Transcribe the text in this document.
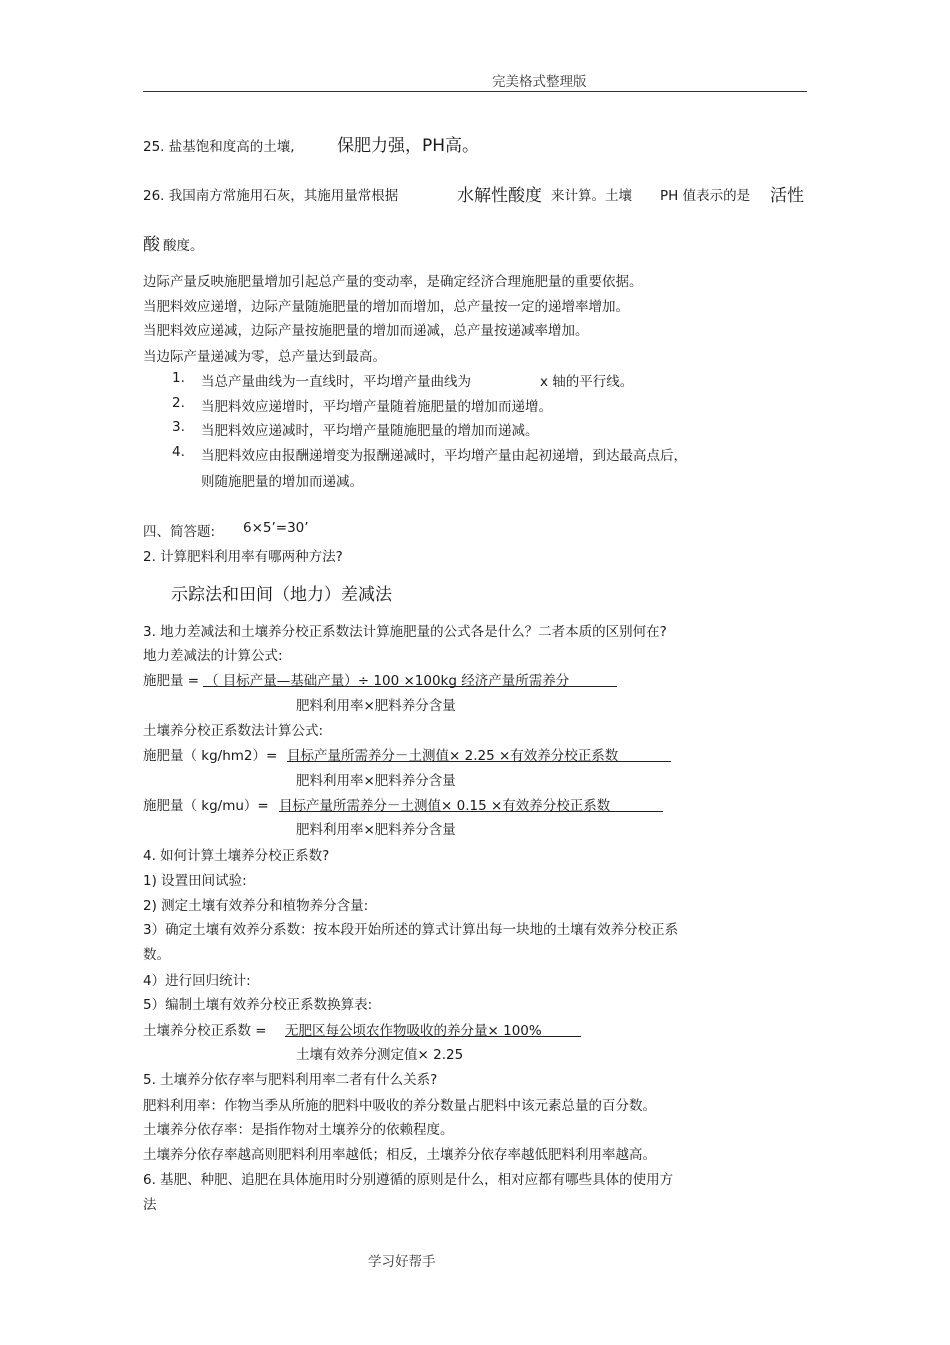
完美格式整理版
25. 盐基饱和度高的土壤, 保肥力强，PH高。
26. 我国南方常施用石灰，其施用量常根据	水解性酸度 来计算。土壤 PH 值表示的是 活性
酸 酸度。
边际产量反映施肥量增加引起总产量的变动率，是确定经济合理施肥量的重要依据。
当肥料效应递增，边际产量随施肥量的增加而增加，总产量按一定的递增率增加。
当肥料效应递减，边际产量按施肥量的增加而递减，总产量按递减率增加。
当边际产量递减为零，总产量达到最高。
1. 当总产量曲线为一直线时，平均增产量曲线为	x 轴的平行线。
2. 当肥料效应递增时，平均增产量随着施肥量的增加而递增。
3. 当肥料效应递减时，平均增产量随施肥量的增加而递减。
4. 当肥料效应由报酬递增变为报酬递减时，平均增产量由起初递增，到达最高点后，
则随施肥量的增加而递减。
四、简答题: 6×5’=30’
2. 计算肥料利用率有哪两种方法?
示踪法和田间（地力）差减法
3. 地力差减法和土壤养分校正系数法计算施肥量的公式各是什么？二者本质的区别何在?
地力差减法的计算公式:
施肥量 = （ 目标产量—基础产量）÷ 100 ×100kg 经济产量所需养分
肥料利用率×肥料养分含量
土壤养分校正系数法计算公式:
施肥量（ kg/hm2）= 目标产量所需养分－土测值× 2.25 ×有效养分校正系数
肥料利用率×肥料养分含量
施肥量（ kg/mu）= 目标产量所需养分－土测值× 0.15 ×有效养分校正系数
肥料利用率×肥料养分含量
4. 如何计算土壤养分校正系数?
1) 设置田间试验:
2) 测定土壤有效养分和植物养分含量:
3）确定土壤有效养分系数：按本段开始所述的算式计算出每一块地的土壤有效养分校正系
数。
4）进行回归统计:
5）编制土壤有效养分校正系数换算表:
土壤养分校正系数 = 无肥区每公顷农作物吸收的养分量× 100%
土壤有效养分测定值× 2.25
5. 土壤养分依存率与肥料利用率二者有什么关系?
肥料利用率：作物当季从所施的肥料中吸收的养分数量占肥料中该元素总量的百分数。
土壤养分依存率：是指作物对土壤养分的依赖程度。
土壤养分依存率越高则肥料利用率越低；相反，土壤养分依存率越低肥料利用率越高。
6. 基肥、种肥、追肥在具体施用时分别遵循的原则是什么，相对应都有哪些具体的使用方
法
学习好帮手
